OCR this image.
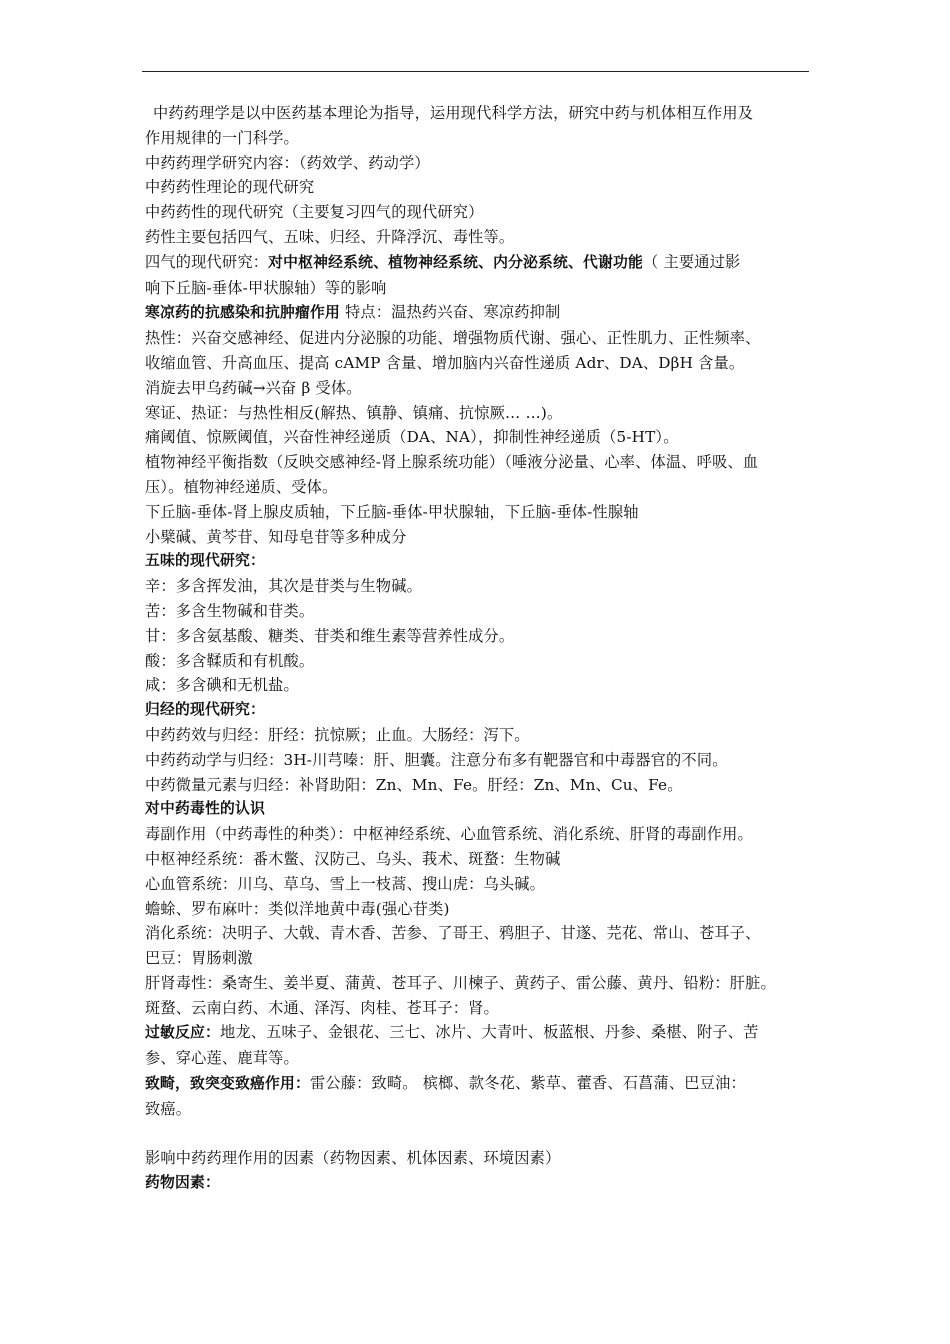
中药药理学是以中医药基本理论为指导，运用现代科学方法，研究中药与机体相互作用及

作用规律的一门科学。

中药药理学研究内容：（药效学、药动学）

中药药性理论的现代研究

中药药性的现代研究（主要复习四气的现代研究）

药性主要包括四气、五味、归经、升降浮沉、毒性等。

四气的现代研究：对中枢神经系统、植物神经系统、内分泌系统、代谢功能（ 主要通过影

响下丘脑-垂体-甲状腺轴）等的影响

寒凉药的抗感染和抗肿瘤作用 特点：温热药兴奋、寒凉药抑制

热性：兴奋交感神经、促进内分泌腺的功能、增强物质代谢、强心、正性肌力、正性频率、

收缩血管、升高血压、提高 cAMP 含量、增加脑内兴奋性递质 Adr、DA、DβH 含量。

消旋去甲乌药碱→兴奋 β 受体。

寒证、热证：与热性相反(解热、镇静、镇痛、抗惊厥… …)。

痛阈值、惊厥阈值，兴奋性神经递质（DA、NA），抑制性神经递质（5-HT）。

植物神经平衡指数（反映交感神经-肾上腺系统功能）（唾液分泌量、心率、体温、呼吸、血

压）。植物神经递质、受体。

下丘脑-垂体-肾上腺皮质轴，下丘脑-垂体-甲状腺轴，下丘脑-垂体-性腺轴

小檗碱、黄芩苷、知母皂苷等多种成分

五味的现代研究：

辛：多含挥发油，其次是苷类与生物碱。

苦：多含生物碱和苷类。

甘：多含氨基酸、糖类、苷类和维生素等营养性成分。

酸：多含鞣质和有机酸。

咸：多含碘和无机盐。

归经的现代研究：

中药药效与归经：肝经：抗惊厥；止血。大肠经：泻下。

中药药动学与归经：3H-川芎嗪：肝、胆囊。注意分布多有靶器官和中毒器官的不同。

中药微量元素与归经：补肾助阳：Zn、Mn、Fe。肝经：Zn、Mn、Cu、Fe。

对中药毒性的认识

毒副作用（中药毒性的种类）：中枢神经系统、心血管系统、消化系统、肝肾的毒副作用。

中枢神经系统：番木鳖、汉防己、乌头、莪术、斑蝥：生物碱

心血管系统：川乌、草乌、雪上一枝蒿、搜山虎：乌头碱。

蟾蜍、罗布麻叶：类似洋地黄中毒(强心苷类)

消化系统：决明子、大戟、青木香、苦参、了哥王、鸦胆子、甘遂、芫花、常山、苍耳子、

巴豆：胃肠刺激

肝肾毒性：桑寄生、姜半夏、蒲黄、苍耳子、川楝子、黄药子、雷公藤、黄丹、铅粉：肝脏。

斑蝥、云南白药、木通、泽泻、肉桂、苍耳子：肾。

过敏反应：地龙、五味子、金银花、三七、冰片、大青叶、板蓝根、丹参、桑椹、附子、苦

参、穿心莲、鹿茸等。

致畸，致突变致癌作用：雷公藤：致畸。 槟榔、款冬花、紫草、藿香、石菖蒲、巴豆油：

致癌。

影响中药药理作用的因素（药物因素、机体因素、环境因素）

药物因素：
